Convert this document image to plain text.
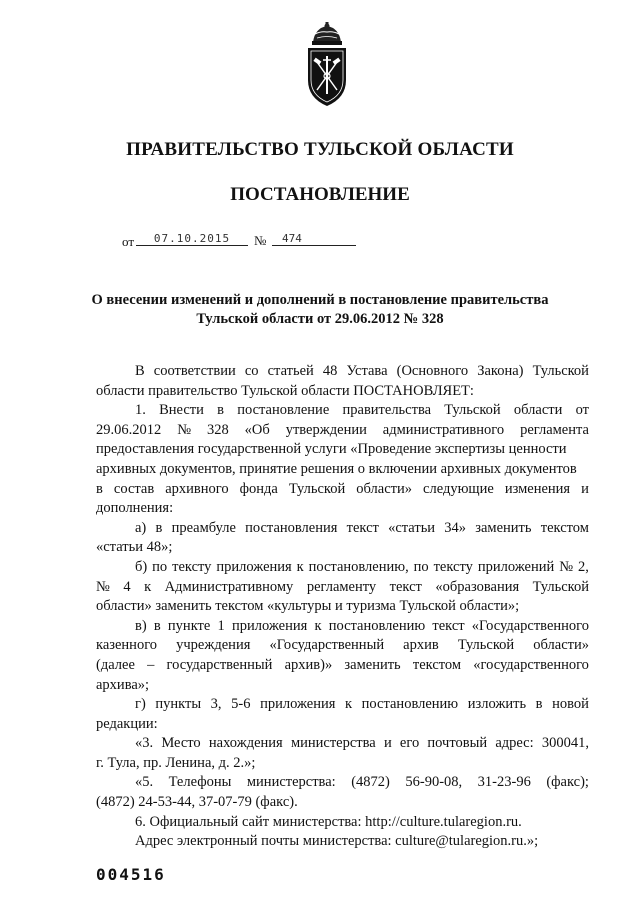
ПРАВИТЕЛЬСТВО ТУЛЬСКОЙ ОБЛАСТИ
ПОСТАНОВЛЕНИЕ
от	07.10.2015	№	474
О внесении изменений и дополнений в постановление правительства
Тульской области от 29.06.2012 № 328
В соответствии со статьей 48 Устава (Основного Закона) Тульской
области правительство Тульской области ПОСТАНОВЛЯЕТ:
1. Внести в постановление правительства Тульской области от
29.06.2012 № 328 «Об утверждении административного регламента
предоставления государственной услуги «Проведение экспертизы ценности
архивных документов, принятие решения о включении архивных документов
в состав архивного фонда Тульской области» следующие изменения и
дополнения:
а) в преамбуле постановления текст «статьи 34» заменить текстом
«статьи 48»;
б) по тексту приложения к постановлению, по тексту приложений № 2,
№ 4 к Административному регламенту текст «образования Тульской
области» заменить текстом «культуры и туризма Тульской области»;
в) в пункте 1 приложения к постановлению текст «Государственного
казенного учреждения «Государственный архив Тульской области»
(далее – государственный архив)» заменить текстом «государственного
архива»;
г) пункты 3, 5-6 приложения к постановлению изложить в новой
редакции:
«3. Место нахождения министерства и его почтовый адрес: 300041,
г. Тула, пр. Ленина, д. 2.»;
«5. Телефоны министерства: (4872) 56-90-08, 31-23-96 (факс);
(4872) 24-53-44, 37-07-79 (факс).
6. Официальный сайт министерства: http://culture.tularegion.ru.
Адрес электронный почты министерства: culture@tularegion.ru.»;
004516
